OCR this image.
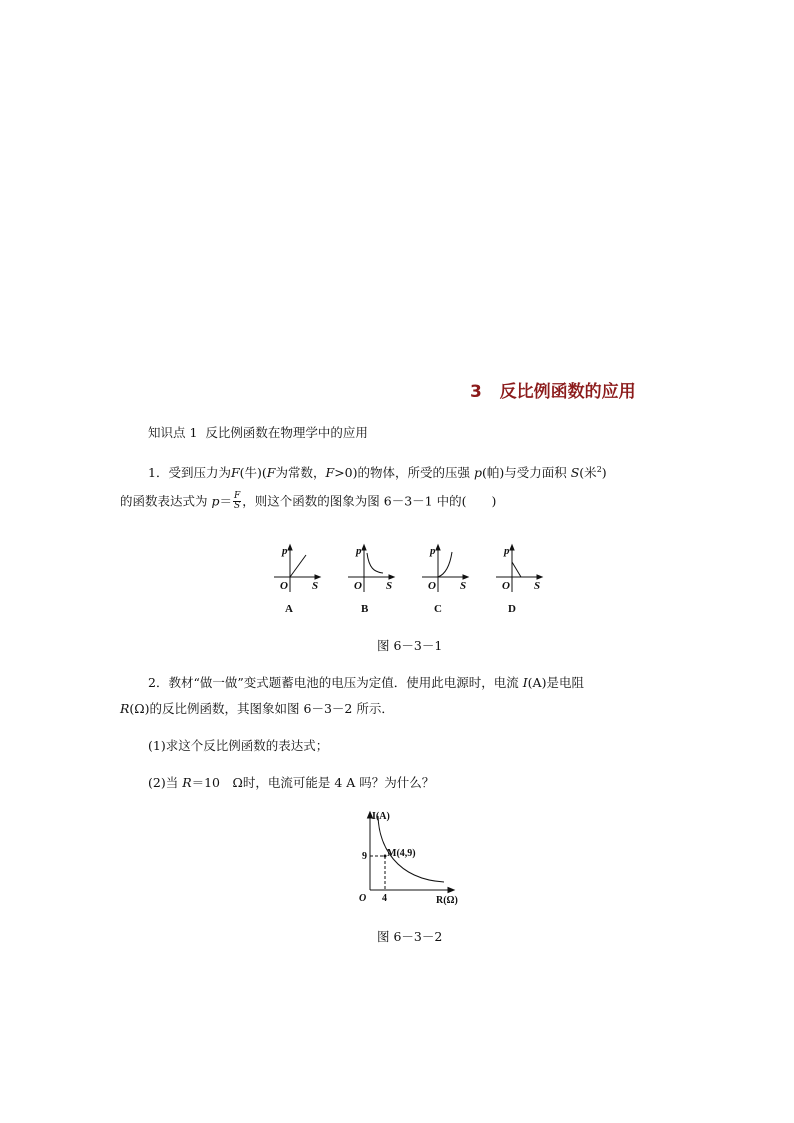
3 反比例函数的应用
知识点 1 反比例函数在物理学中的应用
1．受到压力为F(牛)(F为常数，F>0)的物体，所受的压强 p(帕)与受力面积 S(米$^2$)
的函数表达式为 $p= \frac{F}{S}$ ，则这个函数的图象为图 6－3－1 中的(　　)
p
O S
A
p
O S
B
p
O S
C
p
O S
D
图 6－3－1
2．教材“做一做”变式题蓄电池的电压为定值．使用此电源时，电流 I(A)是电阻
R(Ω)的反比例函数，其图象如图 6－3－2 所示．
(1)求这个反比例函数的表达式；
(2)当 R＝10　Ω时，电流可能是 4 A 吗？为什么？
I(A)
9 M(4,9)
O 4	R(Ω)
图 6－3－2
